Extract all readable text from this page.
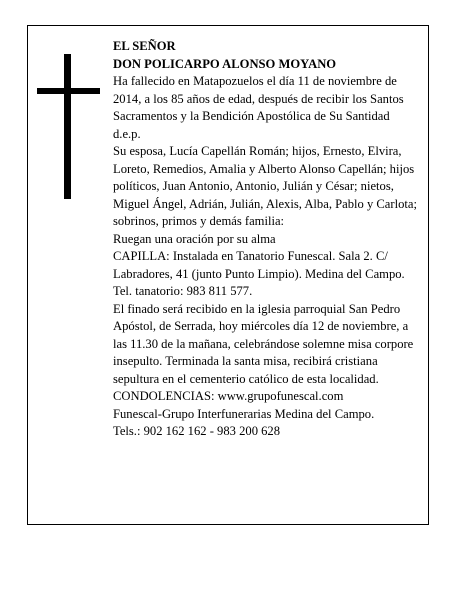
EL SEÑOR

DON POLICARPO ALONSO MOYANO

Ha fallecido en Matapozuelos el día 11 de noviembre de 2014, a los 85 años de edad, después de recibir los Santos Sacramentos y la Bendición Apostólica de Su Santidad

d.e.p.

Su esposa, Lucía Capellán Román; hijos, Ernesto, Elvira, Loreto, Remedios, Amalia y Alberto Alonso Capellán; hijos políticos, Juan Antonio, Antonio, Julián y César; nietos, Miguel Ángel, Adrián, Julián, Alexis, Alba, Pablo y Carlota; sobrinos, primos y demás familia:

Ruegan una oración por su alma

CAPILLA: Instalada en Tanatorio Funescal. Sala 2. C/ Labradores, 41 (junto Punto Limpio). Medina del Campo. Tel. tanatorio: 983 811 577.

El finado será recibido en la iglesia parroquial San Pedro Apóstol, de Serrada, hoy miércoles día 12 de noviembre, a las 11.30 de la mañana, celebrándose solemne misa corpore insepulto. Terminada la santa misa, recibirá cristiana sepultura en el cementerio católico de esta localidad.

CONDOLENCIAS: www.grupofunescal.com

Funescal-Grupo Interfunerarias Medina del Campo.

Tels.: 902 162 162 - 983 200 628
